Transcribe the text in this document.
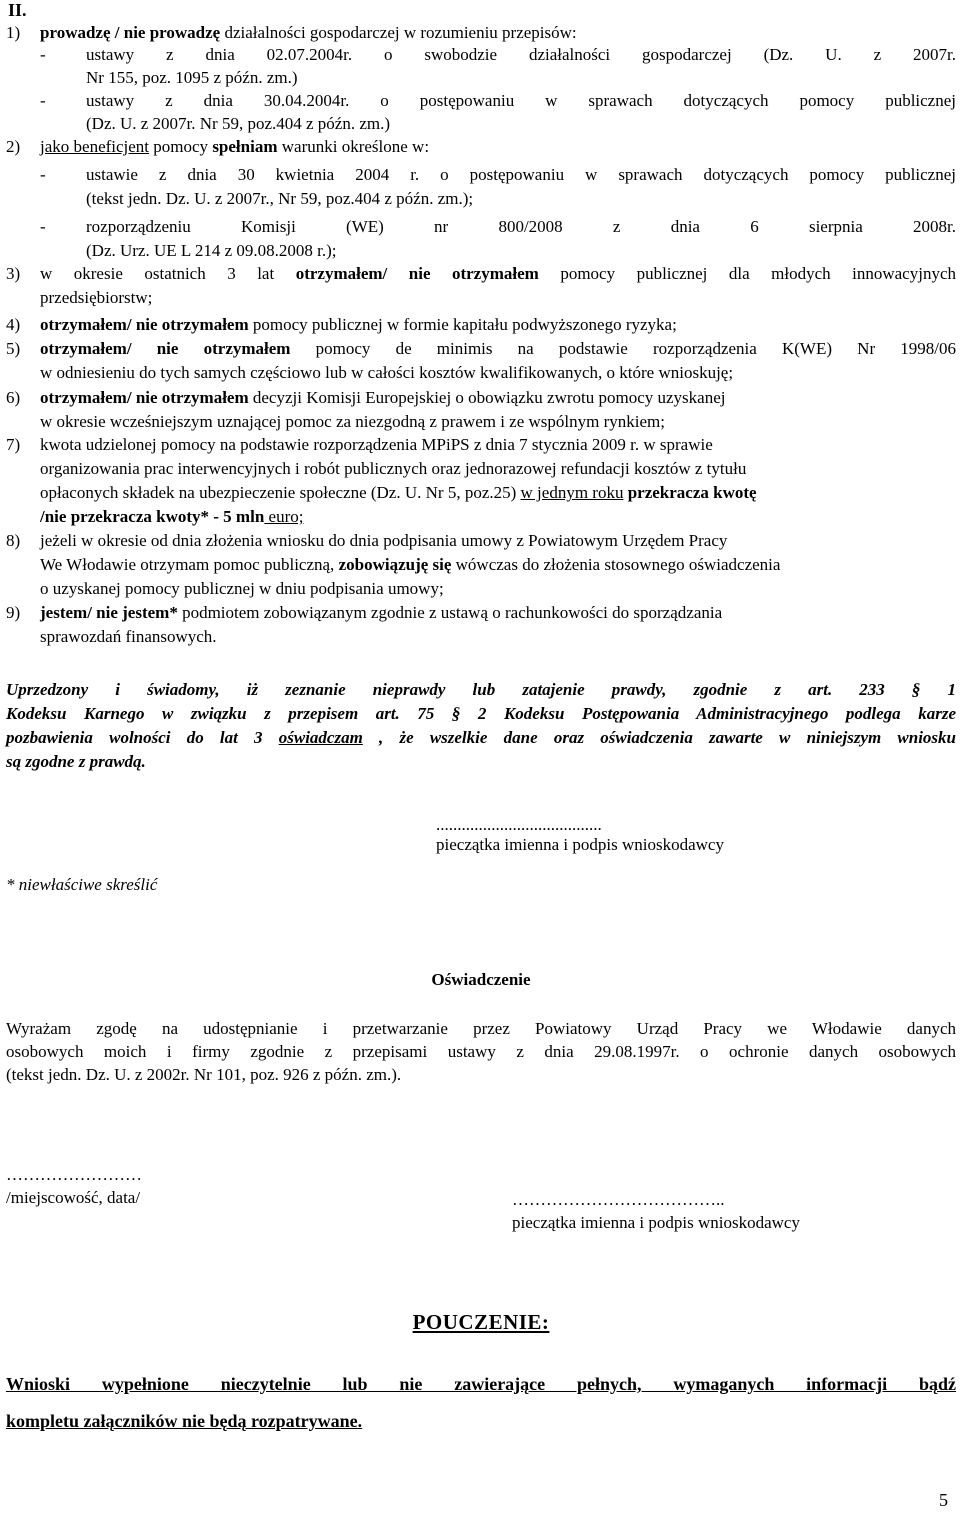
II.
1) prowadzę / nie prowadzę działalności gospodarczej w rozumieniu przepisów:
- ustawy z dnia 02.07.2004r. o swobodzie działalności gospodarczej (Dz. U. z 2007r.
Nr 155, poz. 1095 z późn. zm.)
- ustawy z dnia 30.04.2004r. o postępowaniu w sprawach dotyczących pomocy publicznej
(Dz. U. z 2007r. Nr 59, poz.404 z późn. zm.)
2) jako beneficjent pomocy spełniam warunki określone w:
- ustawie z dnia 30 kwietnia 2004 r. o postępowaniu w sprawach dotyczących pomocy publicznej
(tekst jedn. Dz. U. z 2007r., Nr 59, poz.404 z późn. zm.);
- rozporządzeniu Komisji (WE) nr 800/2008 z dnia 6 sierpnia 2008r.
(Dz. Urz. UE L 214 z 09.08.2008 r.);
3) w okresie ostatnich 3 lat otrzymałem/ nie otrzymałem pomocy publicznej dla młodych innowacyjnych
przedsiębiorstw;
4) otrzymałem/ nie otrzymałem pomocy publicznej w formie kapitału podwyższonego ryzyka;
5) otrzymałem/ nie otrzymałem pomocy de minimis na podstawie rozporządzenia K(WE) Nr 1998/06
w odniesieniu do tych samych częściowo lub w całości kosztów kwalifikowanych, o które wnioskuję;
6) otrzymałem/ nie otrzymałem decyzji Komisji Europejskiej o obowiązku zwrotu pomocy uzyskanej
w okresie wcześniejszym uznającej pomoc za niezgodną z prawem i ze wspólnym rynkiem;
7) kwota udzielonej pomocy na podstawie rozporządzenia MPiPS z dnia 7 stycznia 2009 r. w sprawie
organizowania prac interwencyjnych i robót publicznych oraz jednorazowej refundacji kosztów z tytułu
opłaconych składek na ubezpieczenie społeczne (Dz. U. Nr 5, poz.25) w jednym roku przekracza kwotę
/nie przekracza kwoty* - 5 mln euro;
8) jeżeli w okresie od dnia złożenia wniosku do dnia podpisania umowy z Powiatowym Urzędem Pracy
We Włodawie otrzymam pomoc publiczną, zobowiązuję się wówczas do złożenia stosownego oświadczenia
o uzyskanej pomocy publicznej w dniu podpisania umowy;
9) jestem/ nie jestem* podmiotem zobowiązanym zgodnie z ustawą o rachunkowości do sporządzania
sprawozdań finansowych.
Uprzedzony i świadomy, iż zeznanie nieprawdy lub zatajenie prawdy, zgodnie z art. 233 § 1
Kodeksu Karnego w związku z przepisem art. 75 § 2 Kodeksu Postępowania Administracyjnego podlega karze
pozbawienia wolności do lat 3 oświadczam , że wszelkie dane oraz oświadczenia zawarte w niniejszym wniosku
są zgodne z prawdą.
.......................................
pieczątka imienna i podpis wnioskodawcy
* niewłaściwe skreślić
Oświadczenie
Wyrażam zgodę na udostępnianie i przetwarzanie przez Powiatowy Urząd Pracy we Włodawie danych
osobowych moich i firmy zgodnie z przepisami ustawy z dnia 29.08.1997r. o ochronie danych osobowych
(tekst jedn. Dz. U. z 2002r. Nr 101, poz. 926 z późn. zm.).
……………………
/miejscowość, data/	………………………………..
pieczątka imienna i podpis wnioskodawcy
POUCZENIE:
Wnioski wypełnione nieczytelnie lub nie zawierające pełnych, wymaganych informacji bądź
kompletu załączników nie będą rozpatrywane.
5
